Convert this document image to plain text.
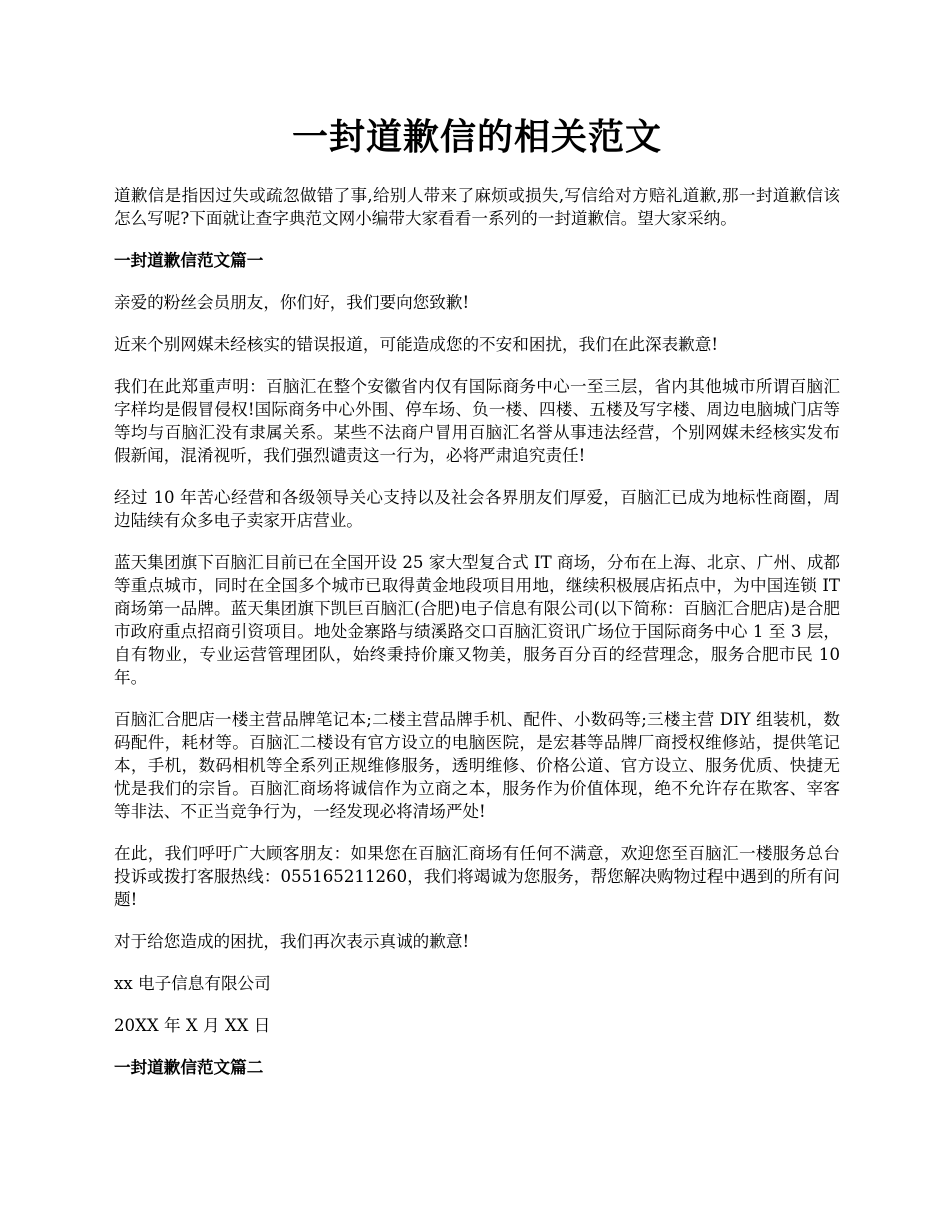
一封道歉信的相关范文

道歉信是指因过失或疏忽做错了事,给别人带来了麻烦或损失,写信给对方赔礼道歉,那一封道歉信该怎么写呢?下面就让查字典范文网小编带大家看看一系列的一封道歉信。望大家采纳。

一封道歉信范文篇一

亲爱的粉丝会员朋友，你们好，我们要向您致歉!

近来个别网媒未经核实的错误报道，可能造成您的不安和困扰，我们在此深表歉意!

我们在此郑重声明：百脑汇在整个安徽省内仅有国际商务中心一至三层，省内其他城市所谓百脑汇字样均是假冒侵权!国际商务中心外围、停车场、负一楼、四楼、五楼及写字楼、周边电脑城门店等等均与百脑汇没有隶属关系。某些不法商户冒用百脑汇名誉从事违法经营，个别网媒未经核实发布假新闻，混淆视听，我们强烈谴责这一行为，必将严肃追究责任!

经过 10 年苦心经营和各级领导关心支持以及社会各界朋友们厚爱，百脑汇已成为地标性商圈，周边陆续有众多电子卖家开店营业。

蓝天集团旗下百脑汇目前已在全国开设 25 家大型复合式 IT 商场，分布在上海、北京、广州、成都等重点城市，同时在全国多个城市已取得黄金地段项目用地，继续积极展店拓点中，为中国连锁 IT 商场第一品牌。蓝天集团旗下凯巨百脑汇(合肥)电子信息有限公司(以下简称：百脑汇合肥店)是合肥市政府重点招商引资项目。地处金寨路与绩溪路交口百脑汇资讯广场位于国际商务中心 1 至 3 层，自有物业，专业运营管理团队，始终秉持价廉又物美，服务百分百的经营理念，服务合肥市民 10 年。

百脑汇合肥店一楼主营品牌笔记本;二楼主营品牌手机、配件、小数码等;三楼主营 DIY 组装机，数码配件，耗材等。百脑汇二楼设有官方设立的电脑医院，是宏碁等品牌厂商授权维修站，提供笔记本，手机，数码相机等全系列正规维修服务，透明维修、价格公道、官方设立、服务优质、快捷无忧是我们的宗旨。百脑汇商场将诚信作为立商之本，服务作为价值体现，绝不允许存在欺客、宰客等非法、不正当竞争行为，一经发现必将清场严处!

在此，我们呼吁广大顾客朋友：如果您在百脑汇商场有任何不满意，欢迎您至百脑汇一楼服务总台投诉或拨打客服热线：055165211260，我们将竭诚为您服务，帮您解决购物过程中遇到的所有问题!

对于给您造成的困扰，我们再次表示真诚的歉意!

xx 电子信息有限公司

20XX 年 X 月 XX 日

一封道歉信范文篇二
